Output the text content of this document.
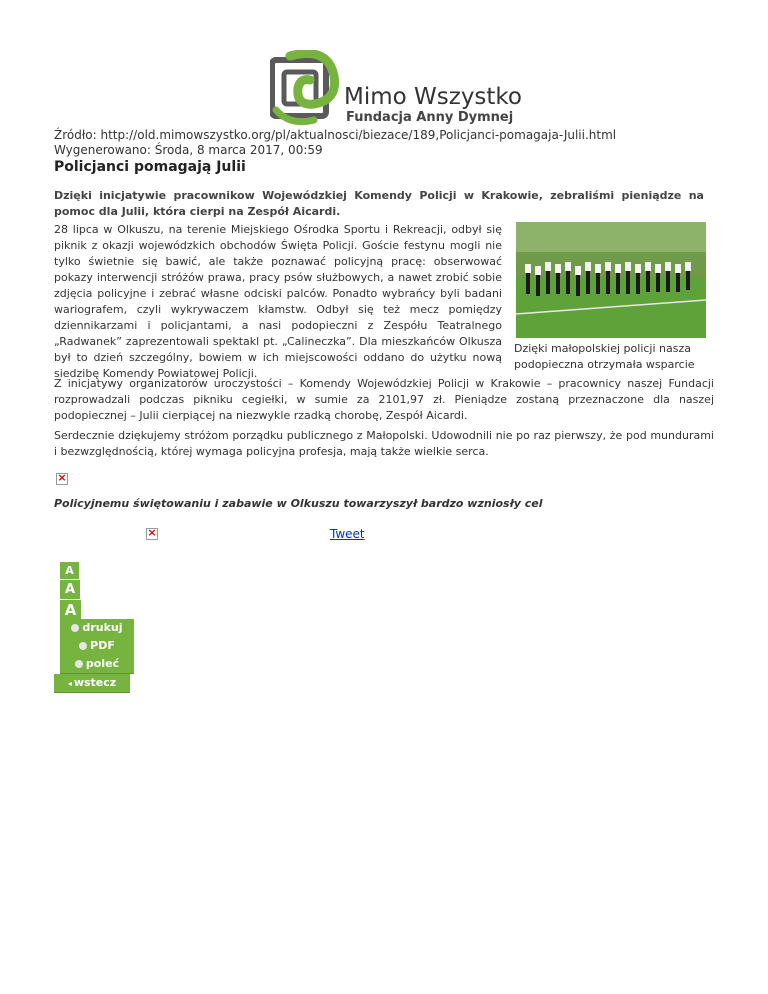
Mimo Wszystko
Fundacja Anny Dymnej
Źródło: http://old.mimowszystko.org/pl/aktualnosci/biezace/189,Policjanci-pomagaja-Julii.html
Wygenerowano: Środa, 8 marca 2017, 00:59
Policjanci pomagają Julii

Dzięki inicjatywie pracownikow Wojewódzkiej Komendy Policji w Krakowie, zebraliśmi pieniądze na pomoc dla Julii, która cierpi na Zespół Aicardi.

28 lipca w Olkuszu, na terenie Miejskiego Ośrodka Sportu i Rekreacji, odbył się piknik z okazji wojewódzkich obchodów Święta Policji. Goście festynu mogli nie tylko świetnie się bawić, ale także poznawać policyjną pracę: obserwować pokazy interwencji stróżów prawa, pracy psów służbowych, a nawet zrobić sobie zdjęcia policyjne i zebrać własne odciski palców. Ponadto wybrańcy byli badani wariografem, czyli wykrywaczem kłamstw. Odbył się też mecz pomiędzy dziennikarzami i policjantami, a nasi podopieczni z Zespółu Teatralnego „Radwanek” zaprezentowali spektakl pt. „Calineczka”. Dla mieszkańców Olkusza był to dzień szczególny, bowiem w ich miejscowości oddano do użytku nową siedzibę Komendy Powiatowej Policji.

Dzięki małopolskiej policji nasza podopieczna otrzymała wsparcie

Z inicjatywy organizatorów uroczystości – Komendy Wojewódzkiej Policji w Krakowie – pracownicy naszej Fundacji rozprowadzali podczas pikniku cegiełki, w sumie za 2101,97 zł. Pieniądze zostaną przeznaczone dla naszej podopiecznej – Julii cierpiącej na niezwykle rzadką chorobę, Zespół Aicardi.

Serdecznie dziękujemy stróżom porządku publicznego z Małopolski. Udowodnili nie po raz pierwszy, że pod mundurami i bezwzględnością, której wymaga policyjna profesja, mają także wielkie serca.

×
Policyjnemu świętowaniu i zabawie w Olkuszu towarzyszył bardzo wzniosły cel
×	Tweet
A
A
A
drukuj
PDF
poleć
◂ wstecz
